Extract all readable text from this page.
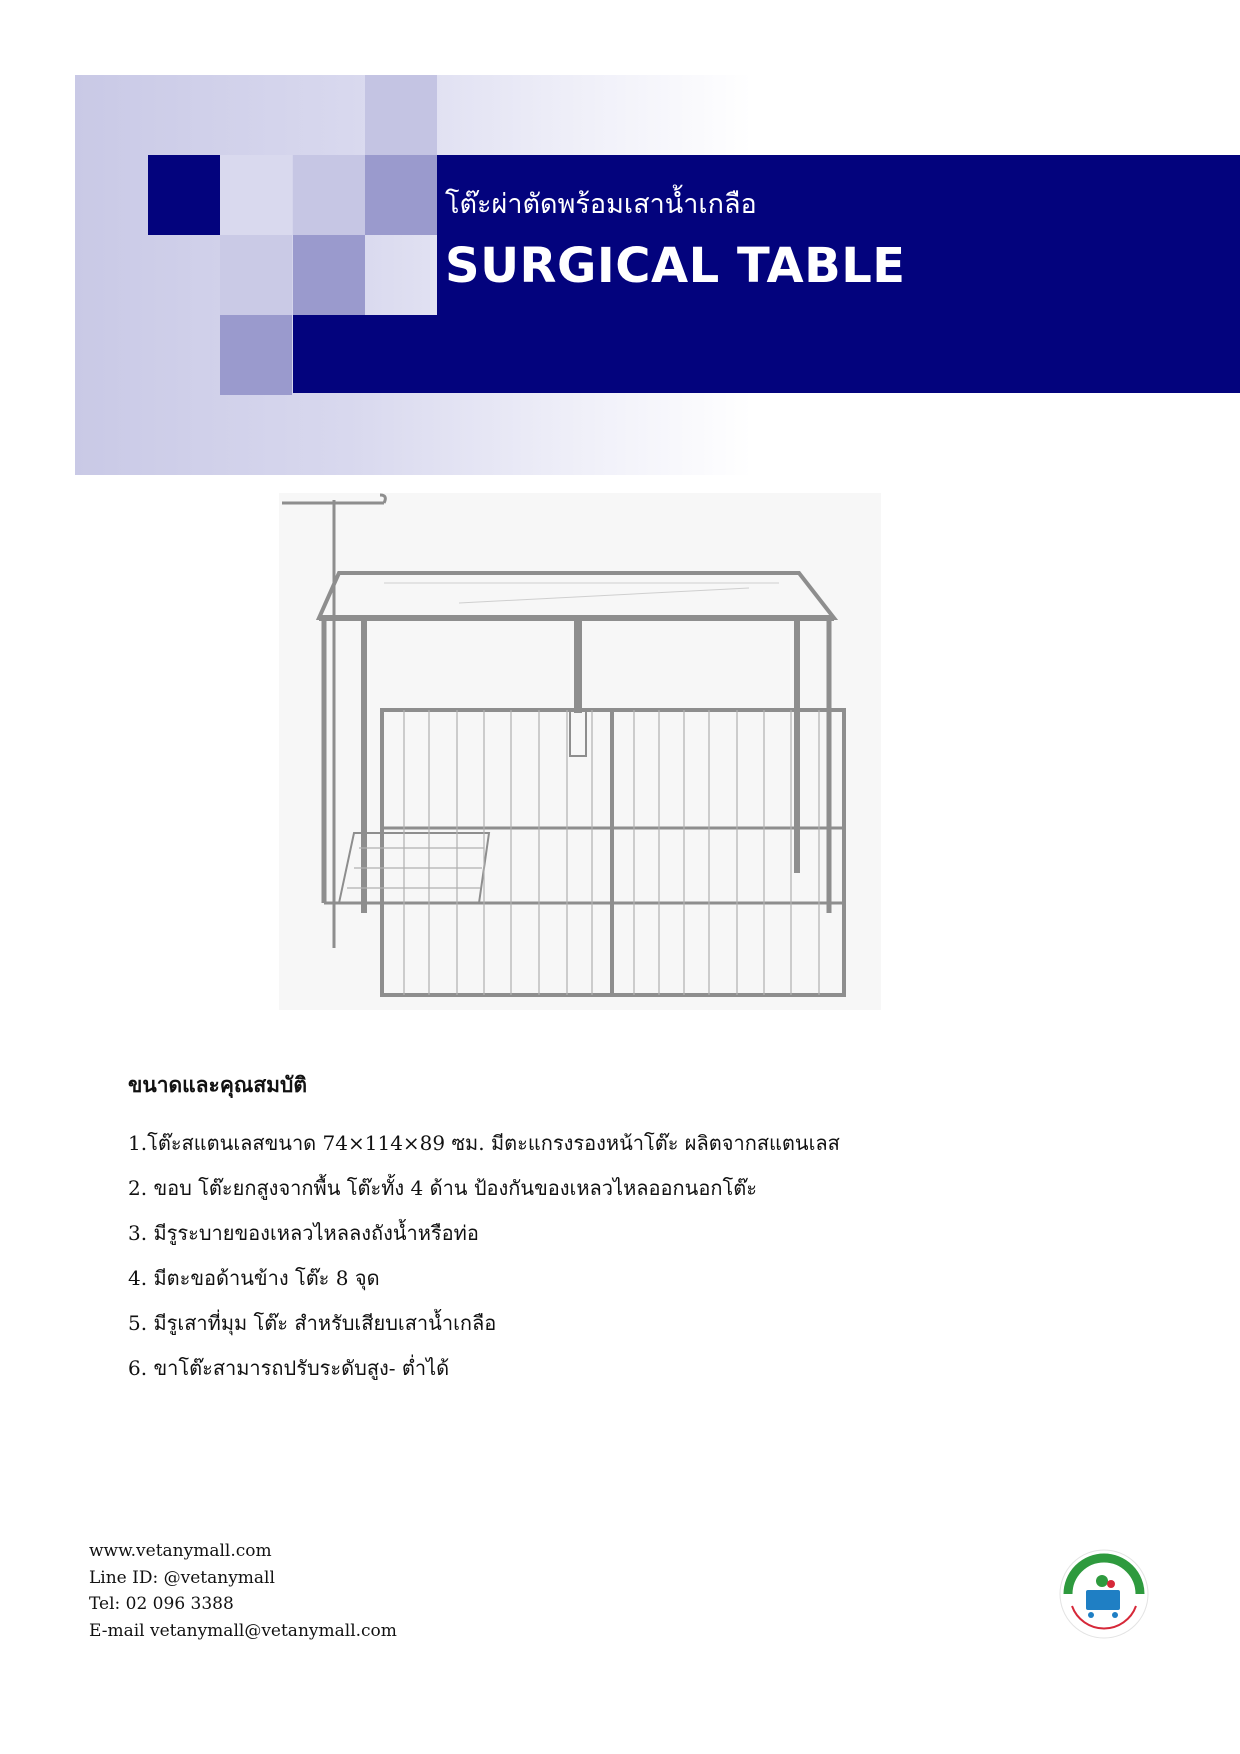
โต๊ะผ่าตัดพร้อมเสาน้ำเกลือ
SURGICAL TABLE
ขนาดและคุณสมบัติ
1.โต๊ะสแตนเลสขนาด 74×114×89 ซม. มีตะแกรงรองหน้าโต๊ะ ผลิตจากสแตนเลส
2. ขอบ โต๊ะยกสูงจากพื้น โต๊ะทั้ง 4 ด้าน ป้องกันของเหลวไหลออกนอกโต๊ะ
3. มีรูระบายของเหลวไหลลงถังน้ำหรือท่อ
4. มีตะขอด้านข้าง โต๊ะ 8 จุด
5. มีรูเสาที่มุม โต๊ะ สำหรับเสียบเสาน้ำเกลือ
6. ขาโต๊ะสามารถปรับระดับสูง- ต่ำได้
www.vetanymall.com
Line ID: @vetanymall
Tel: 02 096 3388
E-mail vetanymall@vetanymall.com
